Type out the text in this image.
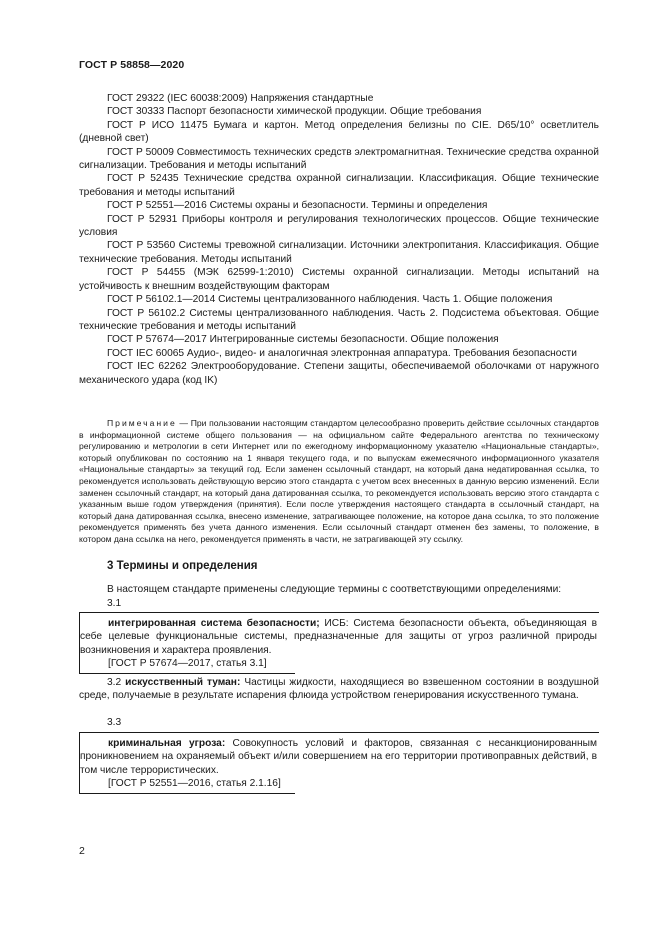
ГОСТ Р 58858—2020

ГОСТ 29322 (IEC 60038:2009) Напряжения стандартные

ГОСТ 30333 Паспорт безопасности химической продукции. Общие требования

ГОСТ Р ИСО 11475 Бумага и картон. Метод определения белизны по CIE. D65/10° осветлитель (дневной свет)

ГОСТ Р 50009 Совместимость технических средств электромагнитная. Технические средства охранной сигнализации. Требования и методы испытаний

ГОСТ Р 52435 Технические средства охранной сигнализации. Классификация. Общие технические требования и методы испытаний

ГОСТ Р 52551—2016 Системы охраны и безопасности. Термины и определения

ГОСТ Р 52931 Приборы контроля и регулирования технологических процессов. Общие технические условия

ГОСТ Р 53560 Системы тревожной сигнализации. Источники электропитания. Классификация. Общие технические требования. Методы испытаний

ГОСТ Р 54455 (МЭК 62599-1:2010) Системы охранной сигнализации. Методы испытаний на устойчивость к внешним воздействующим факторам

ГОСТ Р 56102.1—2014 Системы централизованного наблюдения. Часть 1. Общие положения

ГОСТ Р 56102.2 Системы централизованного наблюдения. Часть 2. Подсистема объектовая. Общие технические требования и методы испытаний

ГОСТ Р 57674—2017 Интегрированные системы безопасности. Общие положения

ГОСТ IEC 60065 Аудио-, видео- и аналогичная электронная аппаратура. Требования безопасности

ГОСТ IEC 62262 Электрооборудование. Степени защиты, обеспечиваемой оболочками от наружного механического удара (код IK)

Примечание — При пользовании настоящим стандартом целесообразно проверить действие ссылочных стандартов в информационной системе общего пользования — на официальном сайте Федерального агентства по техническому регулированию и метрологии в сети Интернет или по ежегодному информационному указателю «Национальные стандарты», который опубликован по состоянию на 1 января текущего года, и по выпускам ежемесячного информационного указателя «Национальные стандарты» за текущий год. Если заменен ссылочный стандарт, на который дана недатированная ссылка, то рекомендуется использовать действующую версию этого стандарта с учетом всех внесенных в данную версию изменений. Если заменен ссылочный стандарт, на который дана датированная ссылка, то рекомендуется использовать версию этого стандарта с указанным выше годом утверждения (принятия). Если после утверждения настоящего стандарта в ссылочный стандарт, на который дана датированная ссылка, внесено изменение, затрагивающее положение, на которое дана ссылка, то это положение рекомендуется применять без учета данного изменения. Если ссылочный стандарт отменен без замены, то положение, в котором дана ссылка на него, рекомендуется применять в части, не затрагивающей эту ссылку.

3 Термины и определения

В настоящем стандарте применены следующие термины с соответствующими определениями:

3.1

интегрированная система безопасности; ИСБ: Система безопасности объекта, объединяющая в себе целевые функциональные системы, предназначенные для защиты от угроз различной природы возникновения и характера проявления.

[ГОСТ Р 57674—2017, статья 3.1]

3.2 искусственный туман: Частицы жидкости, находящиеся во взвешенном состоянии в воздушной среде, получаемые в результате испарения флюида устройством генерирования искусственного тумана.

3.3

криминальная угроза: Совокупность условий и факторов, связанная с несанкционированным проникновением на охраняемый объект и/или совершением на его территории противоправных действий, в том числе террористических.

[ГОСТ Р 52551—2016, статья 2.1.16]

2
